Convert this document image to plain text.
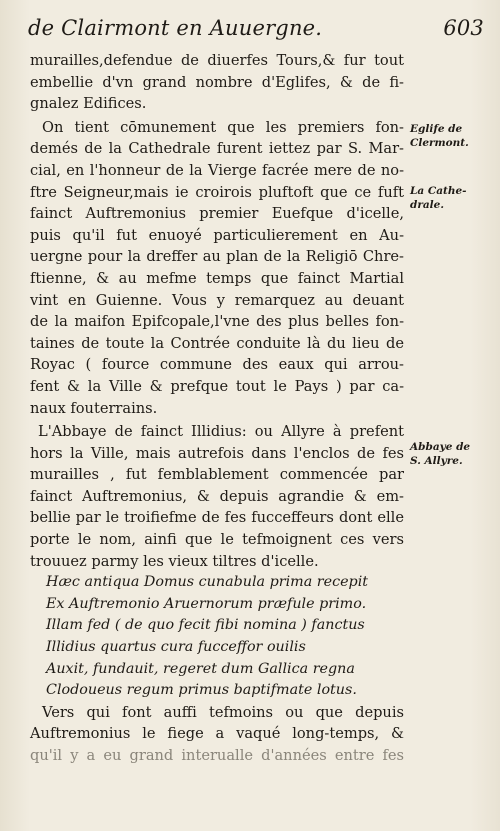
de Clairmont en Auuergne.	603
murailles,defendue de diuerfes Tours,& fur tout
embellie d'vn grand nombre d'Eglifes, & de fi-
gnalez Edifices.
On tient cōmunement que les premiers fon-
demés de la Cathedrale furent iettez par S. Mar-
cial, en l'honneur de la Vierge facrée mere de no-
ftre Seigneur,mais ie croirois pluftoft que ce fuft
fainct Auftremonius premier Euefque d'icelle,
puis qu'il fut enuoyé particulierement en Au-
uergne pour la dreffer au plan de la Religiō Chre-
ftienne, & au mefme temps que fainct Martial
vint en Guienne. Vous y remarquez au deuant
de la maifon Epifcopale,l'vne des plus belles fon-
taines de toute la Contrée conduite là du lieu de
Royac ( fource commune des eaux qui arrou-
fent & la Ville & prefque tout le Pays ) par ca-
naux fouterrains.
L'Abbaye de fainct Illidius: ou Allyre à prefent
hors la Ville, mais autrefois dans l'enclos de fes
murailles , fut femblablement commencée par
fainct Auftremonius, & depuis agrandie & em-
bellie par le troifiefme de fes fucceffeurs dont elle
porte le nom, ainfi que le tefmoignent ces vers
trouuez parmy les vieux tiltres d'icelle.
Hæc antiqua Domus cunabula prima recepit
Ex Auftremonio Aruernorum præfule primo.
Illam fed ( de quo fecit fibi nomina ) fanctus
Illidius quartus cura fucceffor ouilis
Auxit, fundauit, regeret dum Gallica regna
Clodoueus regum primus baptifmate lotus.
Vers qui font auffi tefmoins ou que depuis
Auftremonius le fiege a vaqué long-temps, &
qu'il y a eu grand interualle d'années entre fes
Eglife de
Clermont.
La Cathe-
drale.
Abbaye de
S. Allyre.
